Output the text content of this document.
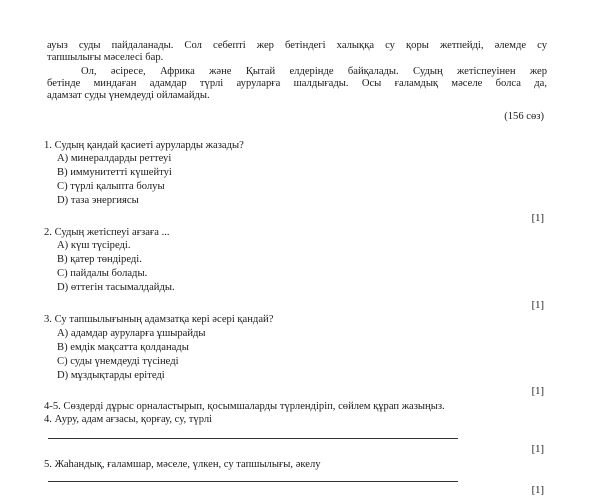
ауыз суды пайдаланады. Сол себепті жер бетіндегі халыққа су қоры жетпейді, әлемде су
тапшылығы мәселесі бар.
Ол, әсіресе, Африка және Қытай елдерінде байқалады. Судың жетіспеуінен жер
бетінде миндаған адамдар түрлі ауруларға шалдығады. Осы ғаламдық мәселе болса да,
адамзат суды үнемдеуді ойламайды.
(156 сөз)
1. Судың қандай қасиеті ауруларды жазады?
A) минералдарды реттеуі
B) иммунитетті күшейтуі
C) түрлі қалыпта болуы
D) таза энергиясы
[1]
2. Судың жетіспеуі ағзаға ...
A) күш түсіреді.
B) қатер төндіреді.
C) пайдалы болады.
D) өттегін тасымалдайды.
[1]
3. Су тапшылығының адамзатқа кері әсері қандай?
A) адамдар ауруларға ұшырайды
B) емдік мақсатта қолданады
C) суды үнемдеуді түсінеді
D) мұздықтарды ерітеді
[1]
4-5. Сөздерді дұрыс орналастырып, қосымшаларды түрлендіріп, сөйлем құрап жазыңыз.
4. Ауру, адам ағзасы, қорғау, су, түрлі
[1]
5. Жаһандық, ғаламшар, мәселе, үлкен, су тапшылығы, әкелу
[1]
